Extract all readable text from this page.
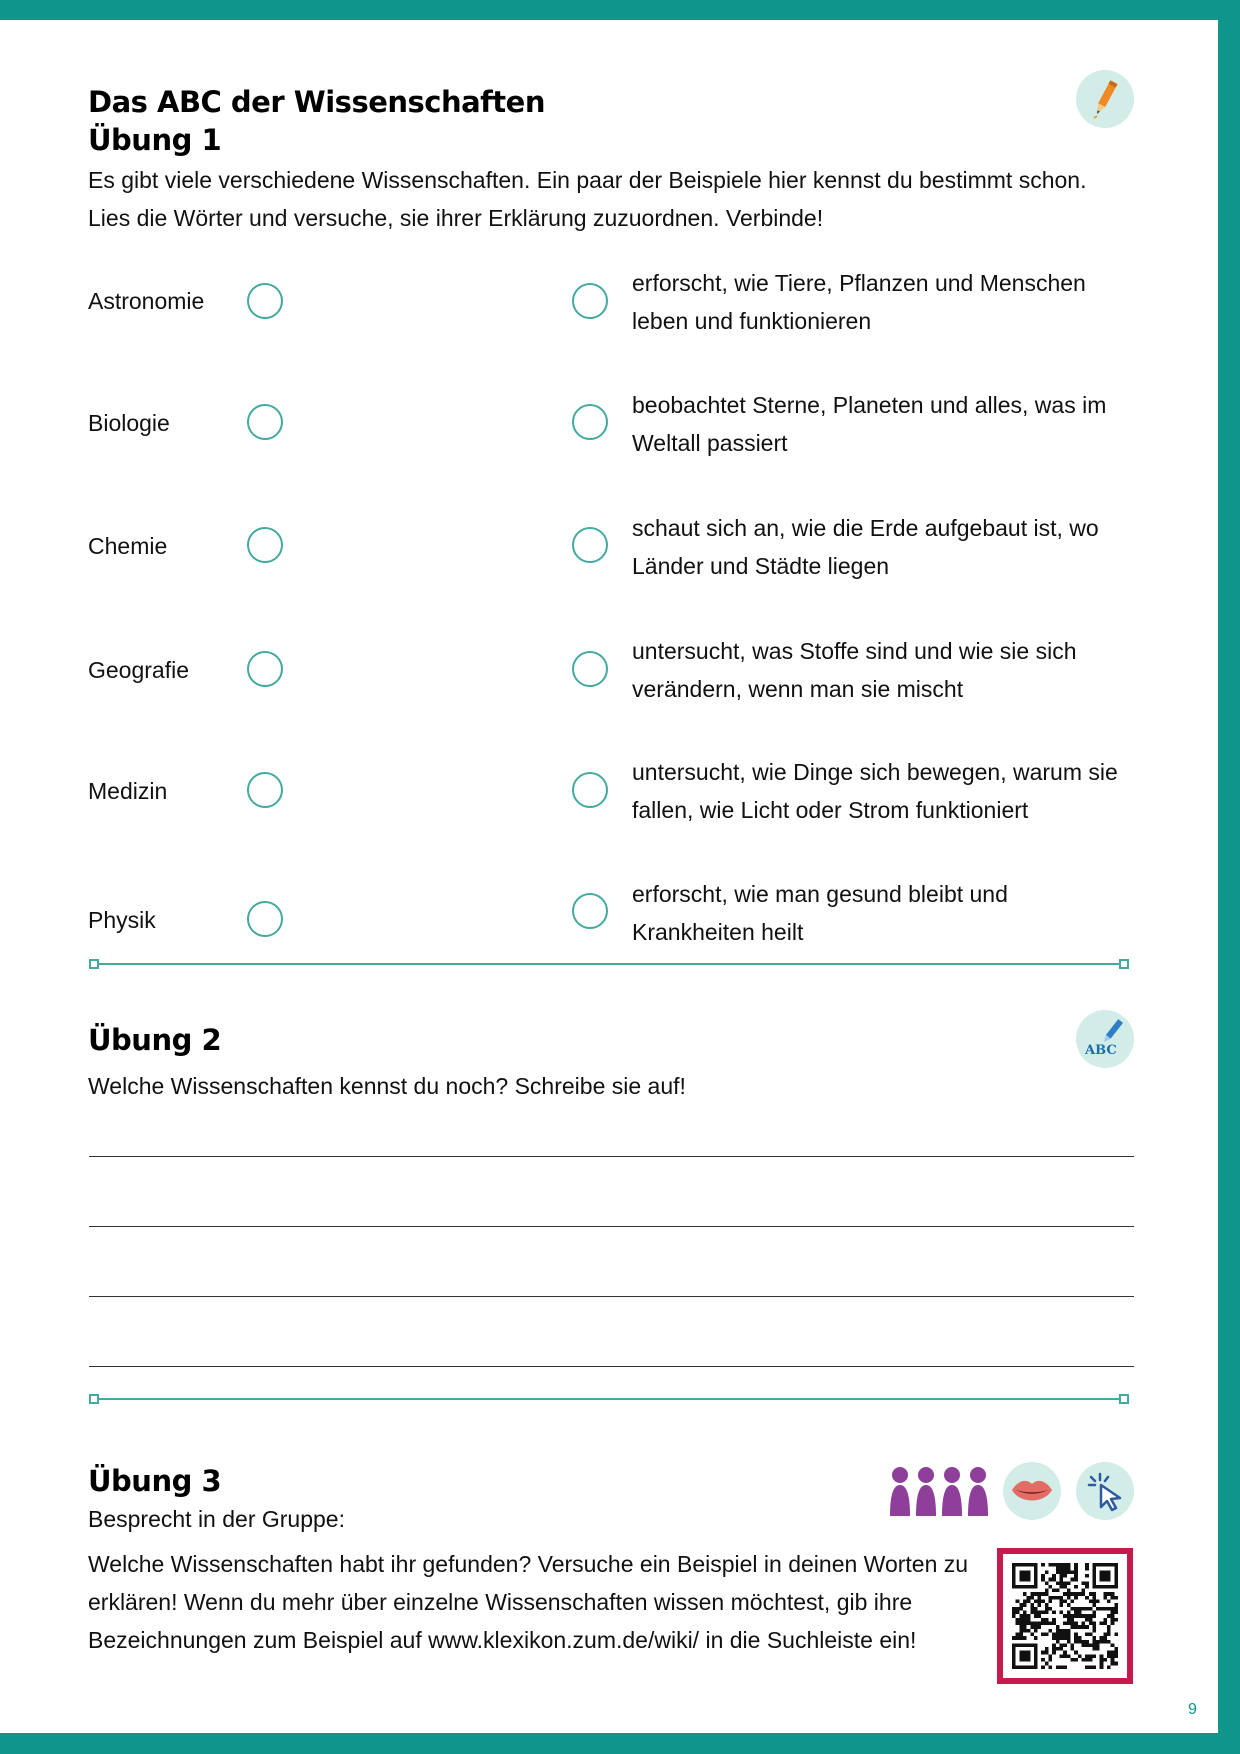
Das ABC der Wissenschaften
Übung 1

Es gibt viele verschiedene Wissenschaften. Ein paar der Beispiele hier kennst du bestimmt schon. Lies die Wörter und versuche, sie ihrer Erklärung zuzuordnen. Verbinde!

Astronomie

erforscht, wie Tiere, Pflanzen und Menschen leben und funktionieren

Biologie

beobachtet Sterne, Planeten und alles, was im Weltall passiert

Chemie

schaut sich an, wie die Erde aufgebaut ist, wo Länder und Städte liegen

Geografie

untersucht, was Stoffe sind und wie sie sich verändern, wenn man sie mischt

Medizin

untersucht, wie Dinge sich bewegen, warum sie fallen, wie Licht oder Strom funktioniert

Physik

erforscht, wie man gesund bleibt und Krankheiten heilt

Übung 2	ABC

Welche Wissenschaften kennst du noch? Schreibe sie auf!

Übung 3

Besprecht in der Gruppe:

Welche Wissenschaften habt ihr gefunden? Versuche ein Beispiel in deinen Worten zu erklären! Wenn du mehr über einzelne Wissenschaften wissen möchtest, gib ihre Bezeichnungen zum Beispiel auf www.klexikon.zum.de/wiki/ in die Suchleiste ein!

9
